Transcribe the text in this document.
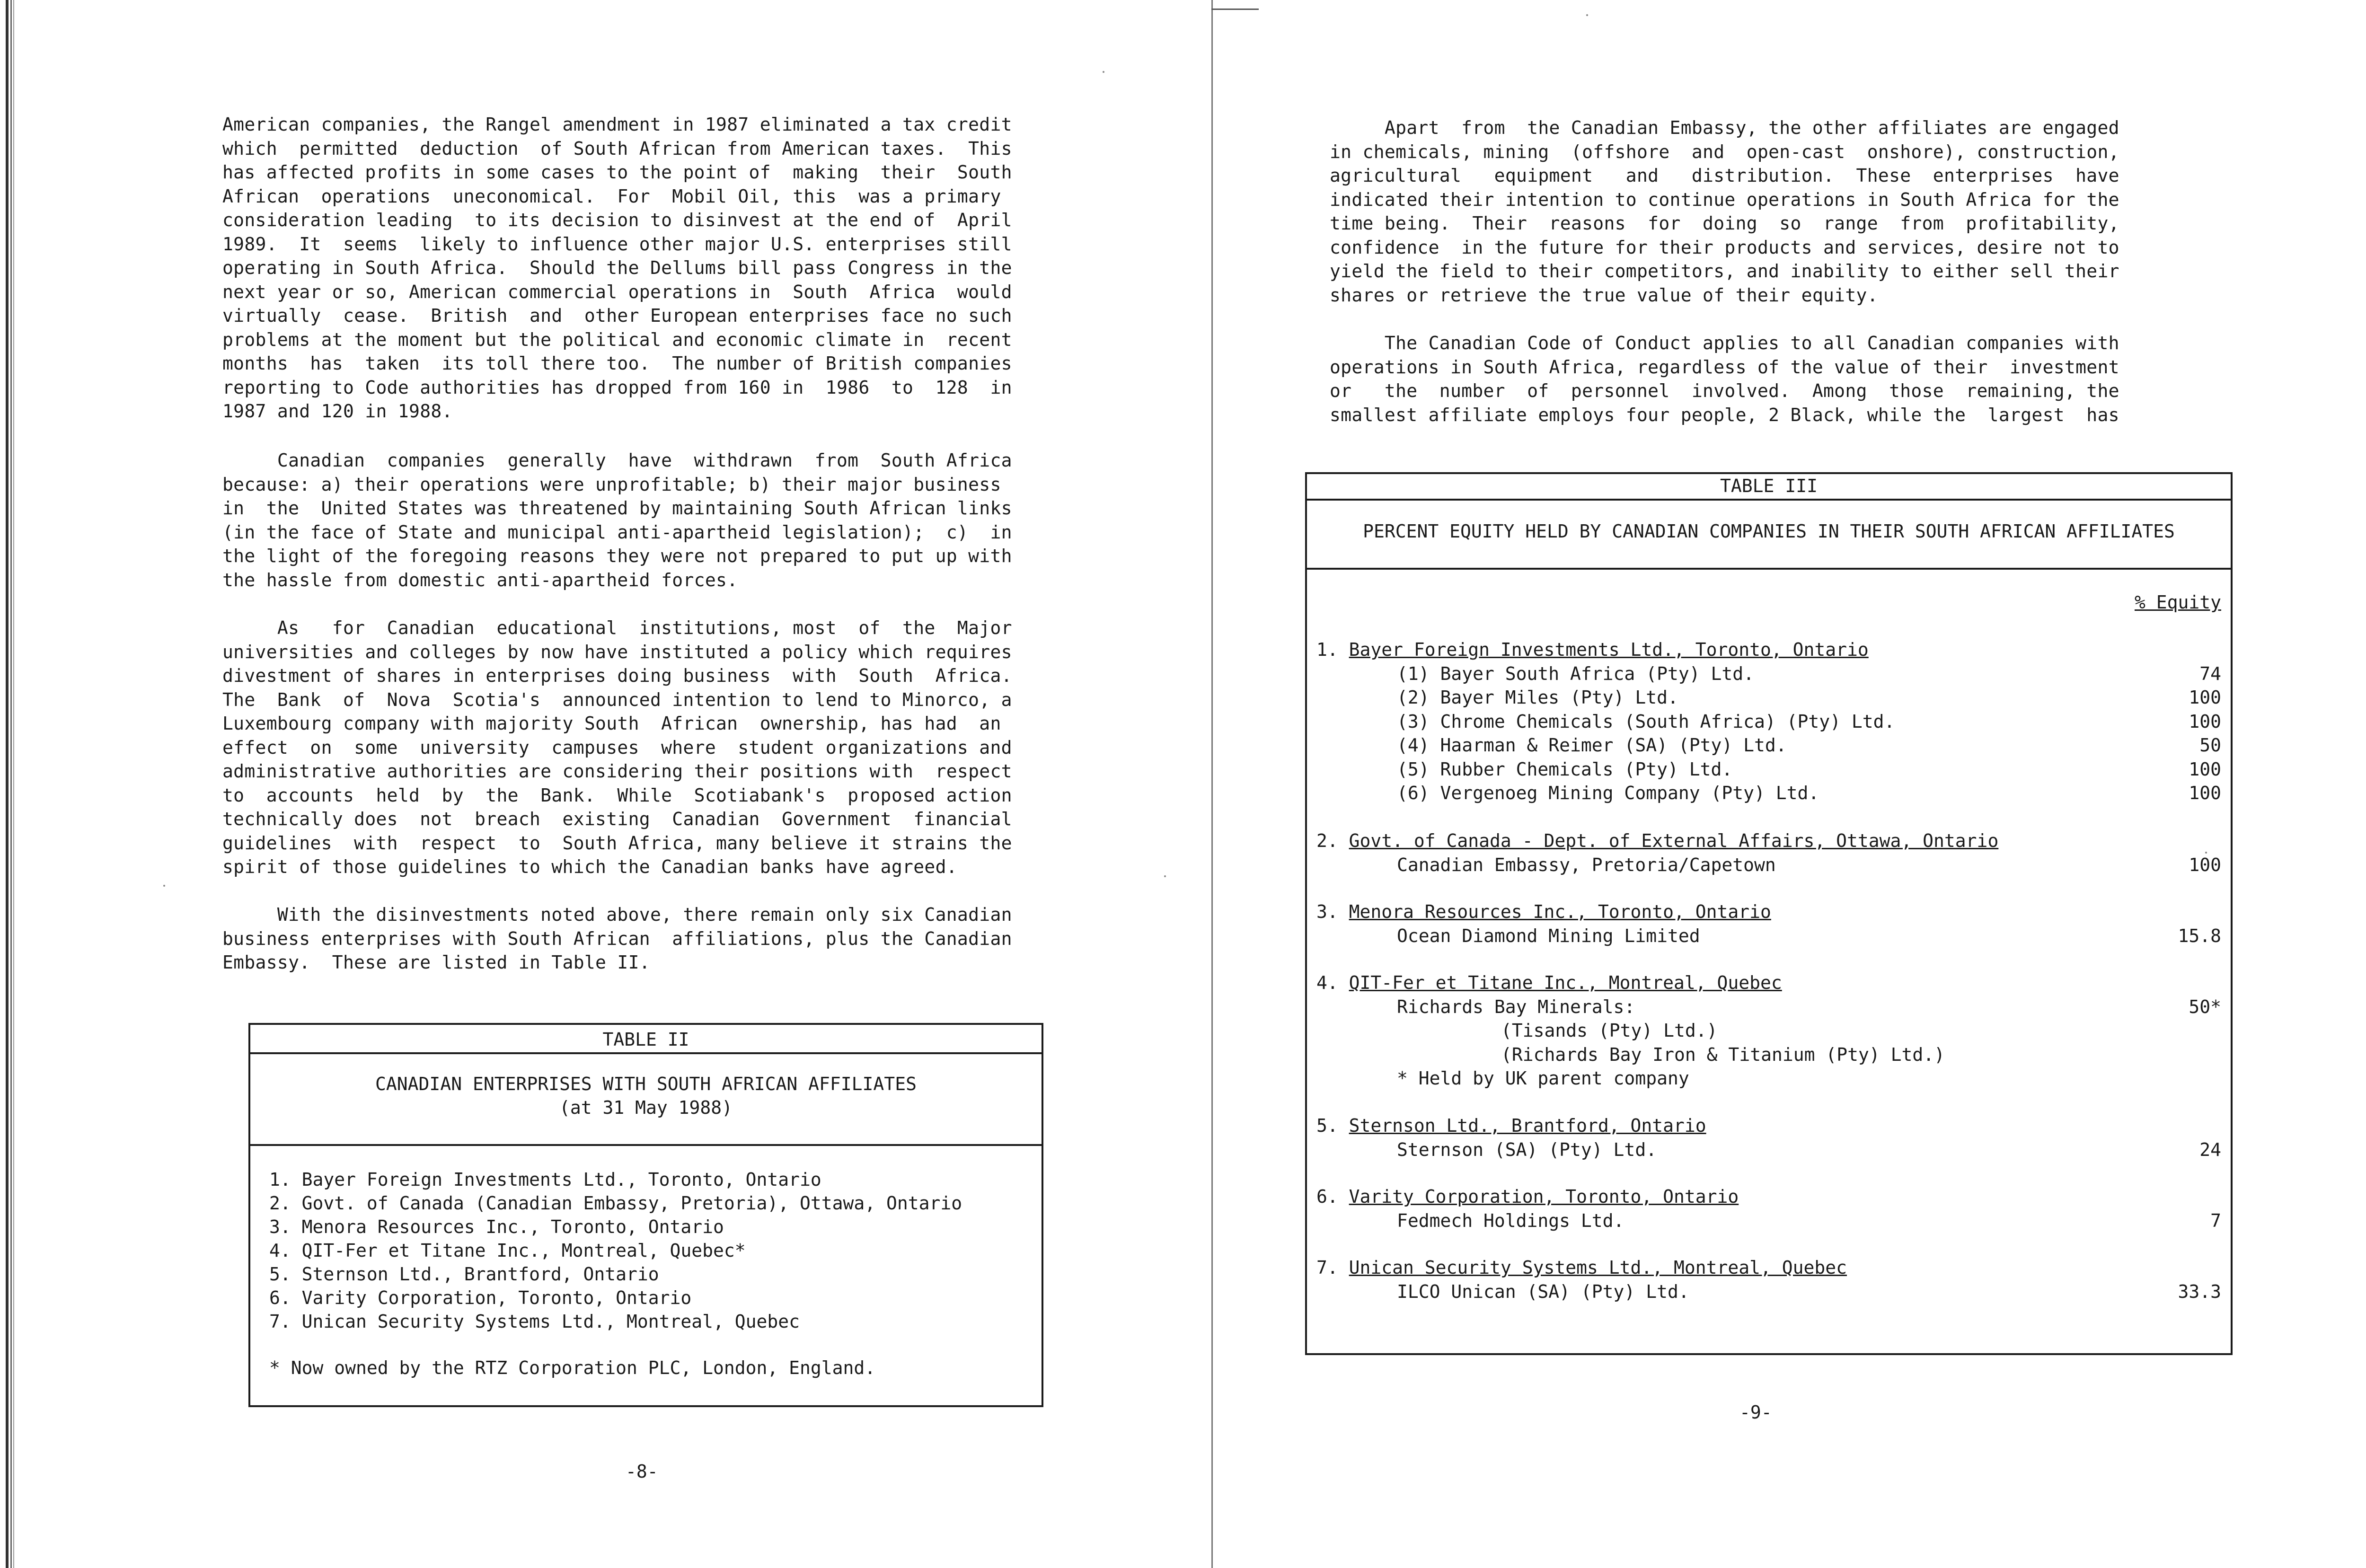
American companies, the Rangel amendment in 1987 eliminated a tax credit
which  permitted  deduction  of South African from American taxes.  This
has affected profits in some cases to the point of  making  their  South
African  operations  uneconomical.  For  Mobil Oil, this  was a primary
consideration leading  to its decision to disinvest at the end of  April
1989.  It  seems  likely to influence other major U.S. enterprises still
operating in South Africa.  Should the Dellums bill pass Congress in the
next year or so, American commercial operations in  South  Africa  would
virtually  cease.  British  and  other European enterprises face no such
problems at the moment but the political and economic climate in  recent
months  has  taken  its toll there too.  The number of British companies
reporting to Code authorities has dropped from 160 in  1986  to  128  in
1987 and 120 in 1988.

Canadian  companies  generally  have  withdrawn  from  South Africa
because: a) their operations were unprofitable; b) their major business
in  the  United States was threatened by maintaining South African links
(in the face of State and municipal anti-apartheid legislation);  c)  in
the light of the foregoing reasons they were not prepared to put up with
the hassle from domestic anti-apartheid forces.

As   for  Canadian  educational  institutions, most  of  the  Major
universities and colleges by now have instituted a policy which requires
divestment of shares in enterprises doing business  with  South  Africa.
The  Bank  of  Nova  Scotia's  announced intention to lend to Minorco, a
Luxembourg company with majority South  African  ownership, has had  an
effect  on  some  university  campuses  where  student organizations and
administrative authorities are considering their positions with  respect
to  accounts  held  by  the  Bank.  While  Scotiabank's  proposed action
technically does  not  breach  existing  Canadian  Government  financial
guidelines  with  respect  to  South Africa, many believe it strains the
spirit of those guidelines to which the Canadian banks have agreed.

With the disinvestments noted above, there remain only six Canadian
business enterprises with South African  affiliations, plus the Canadian
Embassy.  These are listed in Table II.

TABLE II
CANADIAN ENTERPRISES WITH SOUTH AFRICAN AFFILIATES
(at 31 May 1988)
1. Bayer Foreign Investments Ltd., Toronto, Ontario
2. Govt. of Canada (Canadian Embassy, Pretoria), Ottawa, Ontario
3. Menora Resources Inc., Toronto, Ontario
4. QIT-Fer et Titane Inc., Montreal, Quebec*
5. Sternson Ltd., Brantford, Ontario
6. Varity Corporation, Toronto, Ontario
7. Unican Security Systems Ltd., Montreal, Quebec
* Now owned by the RTZ Corporation PLC, London, England.
-8-

Apart  from  the Canadian Embassy, the other affiliates are engaged
in chemicals, mining  (offshore  and  open-cast  onshore), construction,
agricultural   equipment   and   distribution.  These  enterprises  have
indicated their intention to continue operations in South Africa for the
time being.  Their  reasons  for  doing  so  range  from  profitability,
confidence  in the future for their products and services, desire not to
yield the field to their competitors, and inability to either sell their
shares or retrieve the true value of their equity.

The Canadian Code of Conduct applies to all Canadian companies with
operations in South Africa, regardless of the value of their  investment
or   the  number  of  personnel  involved.  Among  those  remaining, the
smallest affiliate employs four people, 2 Black, while the  largest  has

TABLE III
PERCENT EQUITY HELD BY CANADIAN COMPANIES IN THEIR SOUTH AFRICAN AFFILIATES
% Equity
1. Bayer Foreign Investments Ltd., Toronto, Ontario
(1) Bayer South Africa (Pty) Ltd.	74
(2) Bayer Miles (Pty) Ltd.	100
(3) Chrome Chemicals (South Africa) (Pty) Ltd.	100
(4) Haarman & Reimer (SA) (Pty) Ltd.	50
(5) Rubber Chemicals (Pty) Ltd.	100
(6) Vergenoeg Mining Company (Pty) Ltd.	100
2. Govt. of Canada - Dept. of External Affairs, Ottawa, Ontario
Canadian Embassy, Pretoria/Capetown	100
3. Menora Resources Inc., Toronto, Ontario
Ocean Diamond Mining Limited	15.8
4. QIT-Fer et Titane Inc., Montreal, Quebec
Richards Bay Minerals:	50*
(Tisands (Pty) Ltd.)
(Richards Bay Iron & Titanium (Pty) Ltd.)
* Held by UK parent company
5. Sternson Ltd., Brantford, Ontario
Sternson (SA) (Pty) Ltd.	24
6. Varity Corporation, Toronto, Ontario
Fedmech Holdings Ltd.	7
7. Unican Security Systems Ltd., Montreal, Quebec
ILCO Unican (SA) (Pty) Ltd.	33.3
-9-
